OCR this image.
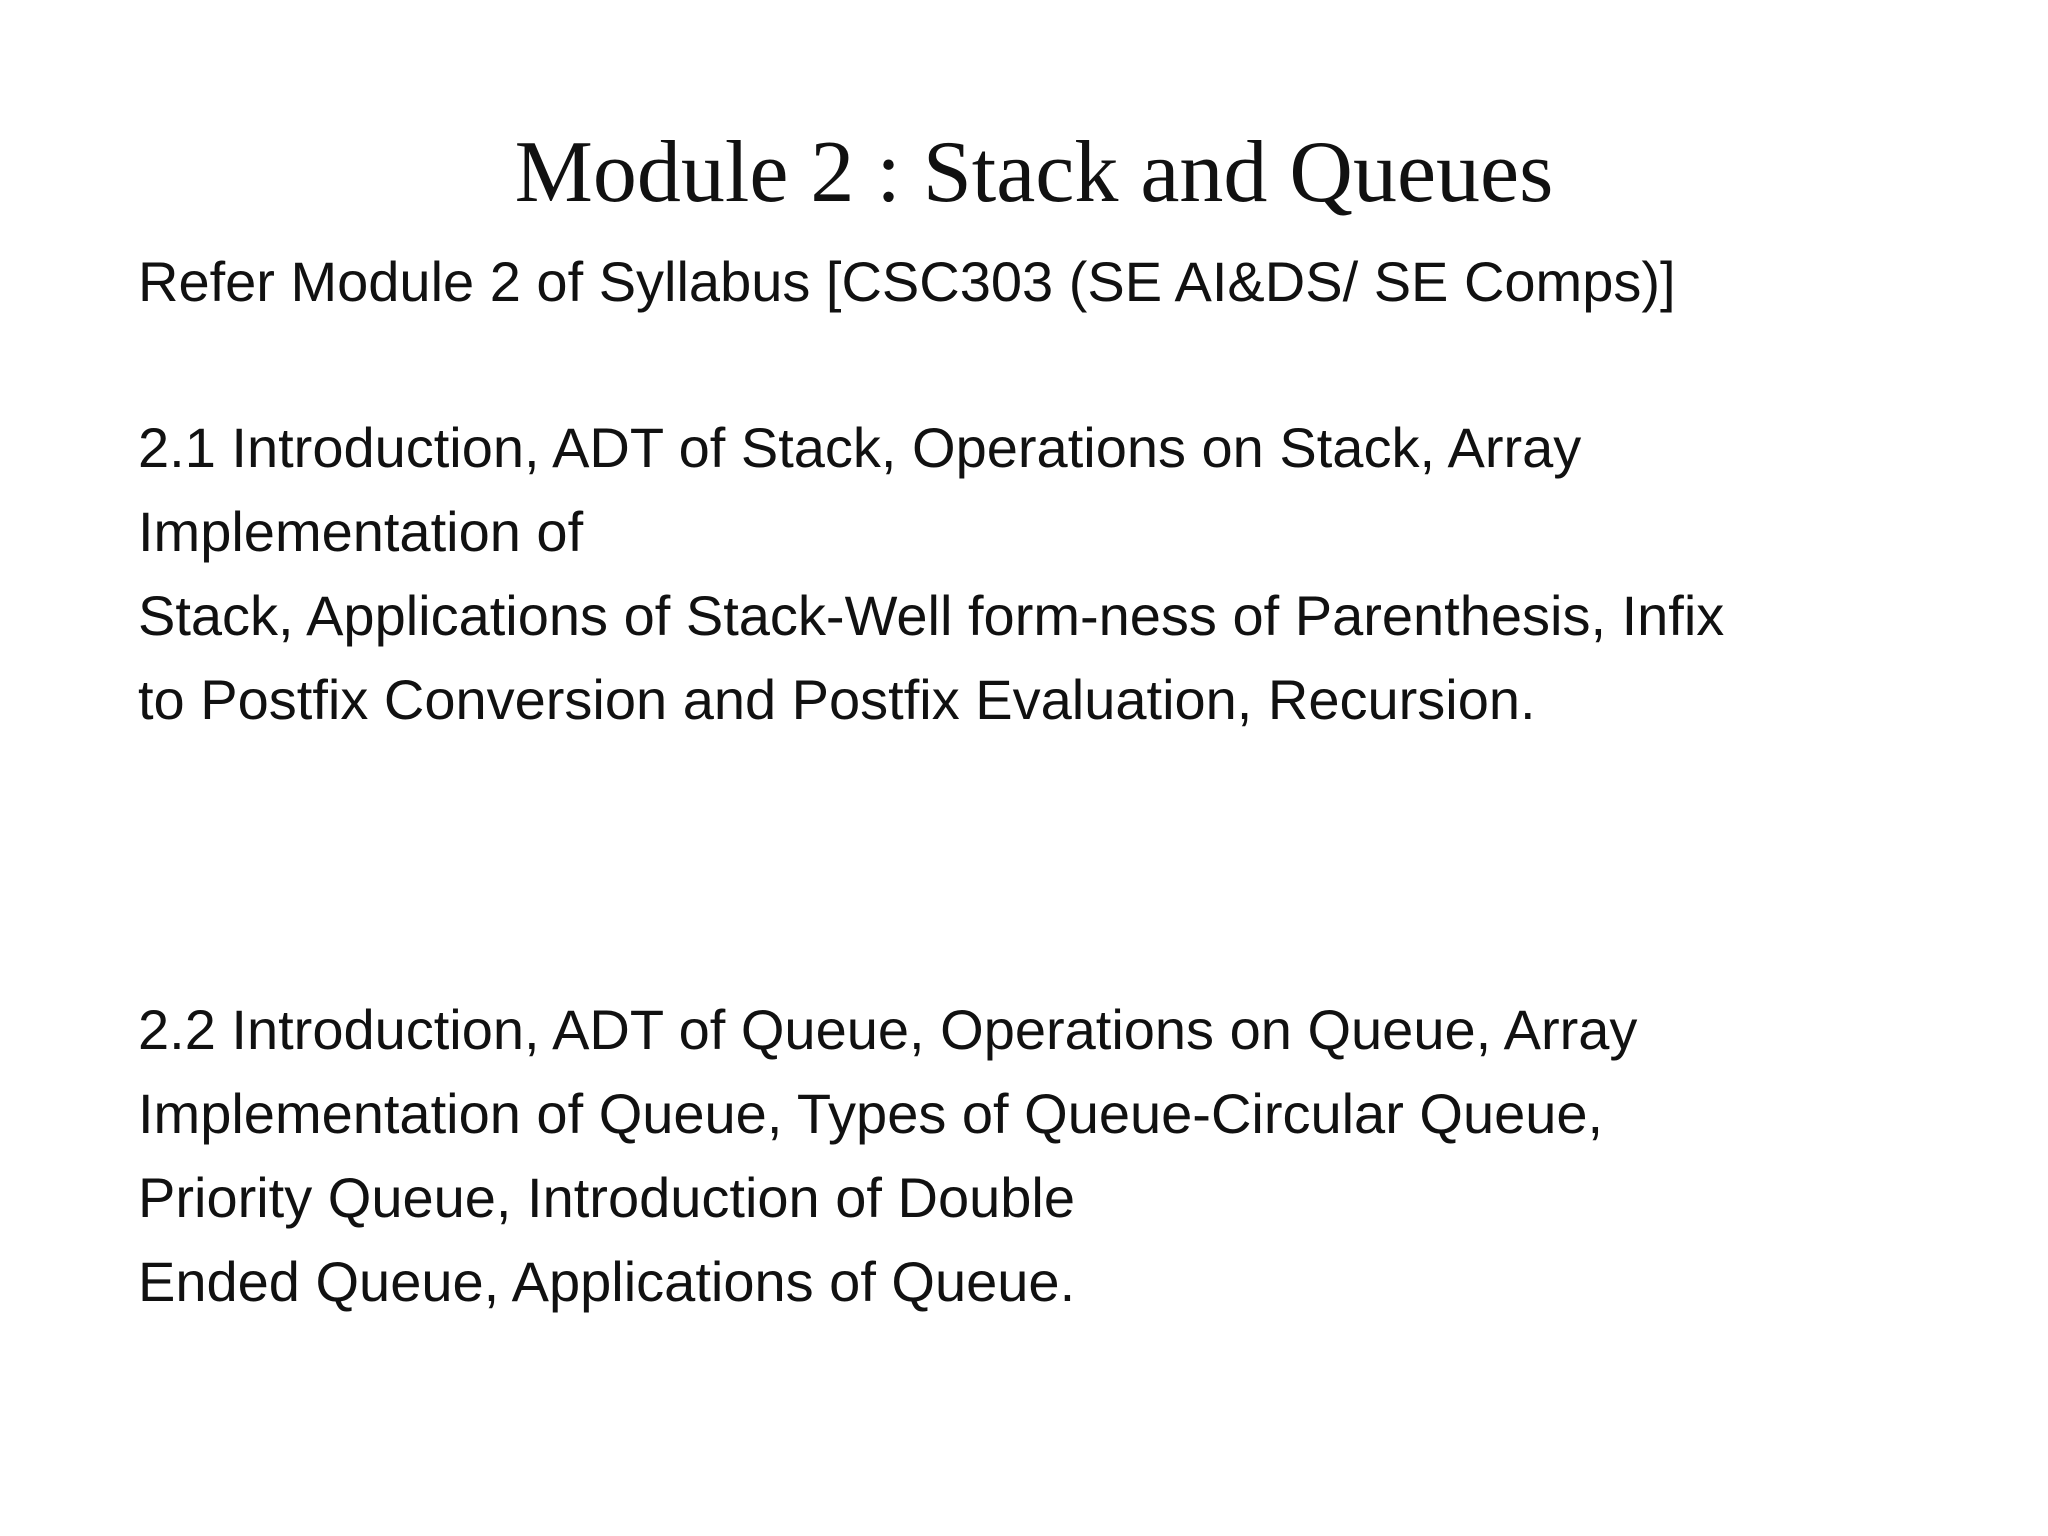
Module 2 : Stack and Queues
Refer Module 2 of Syllabus [CSC303 (SE AI&DS/ SE Comps)]
2.1 Introduction, ADT of Stack, Operations on Stack, Array
Implementation of
Stack, Applications of Stack-Well form-ness of Parenthesis, Infix
to Postfix Conversion and Postfix Evaluation, Recursion.
2.2 Introduction, ADT of Queue, Operations on Queue, Array
Implementation of Queue, Types of Queue-Circular Queue,
Priority Queue, Introduction of Double
Ended Queue, Applications of Queue.
